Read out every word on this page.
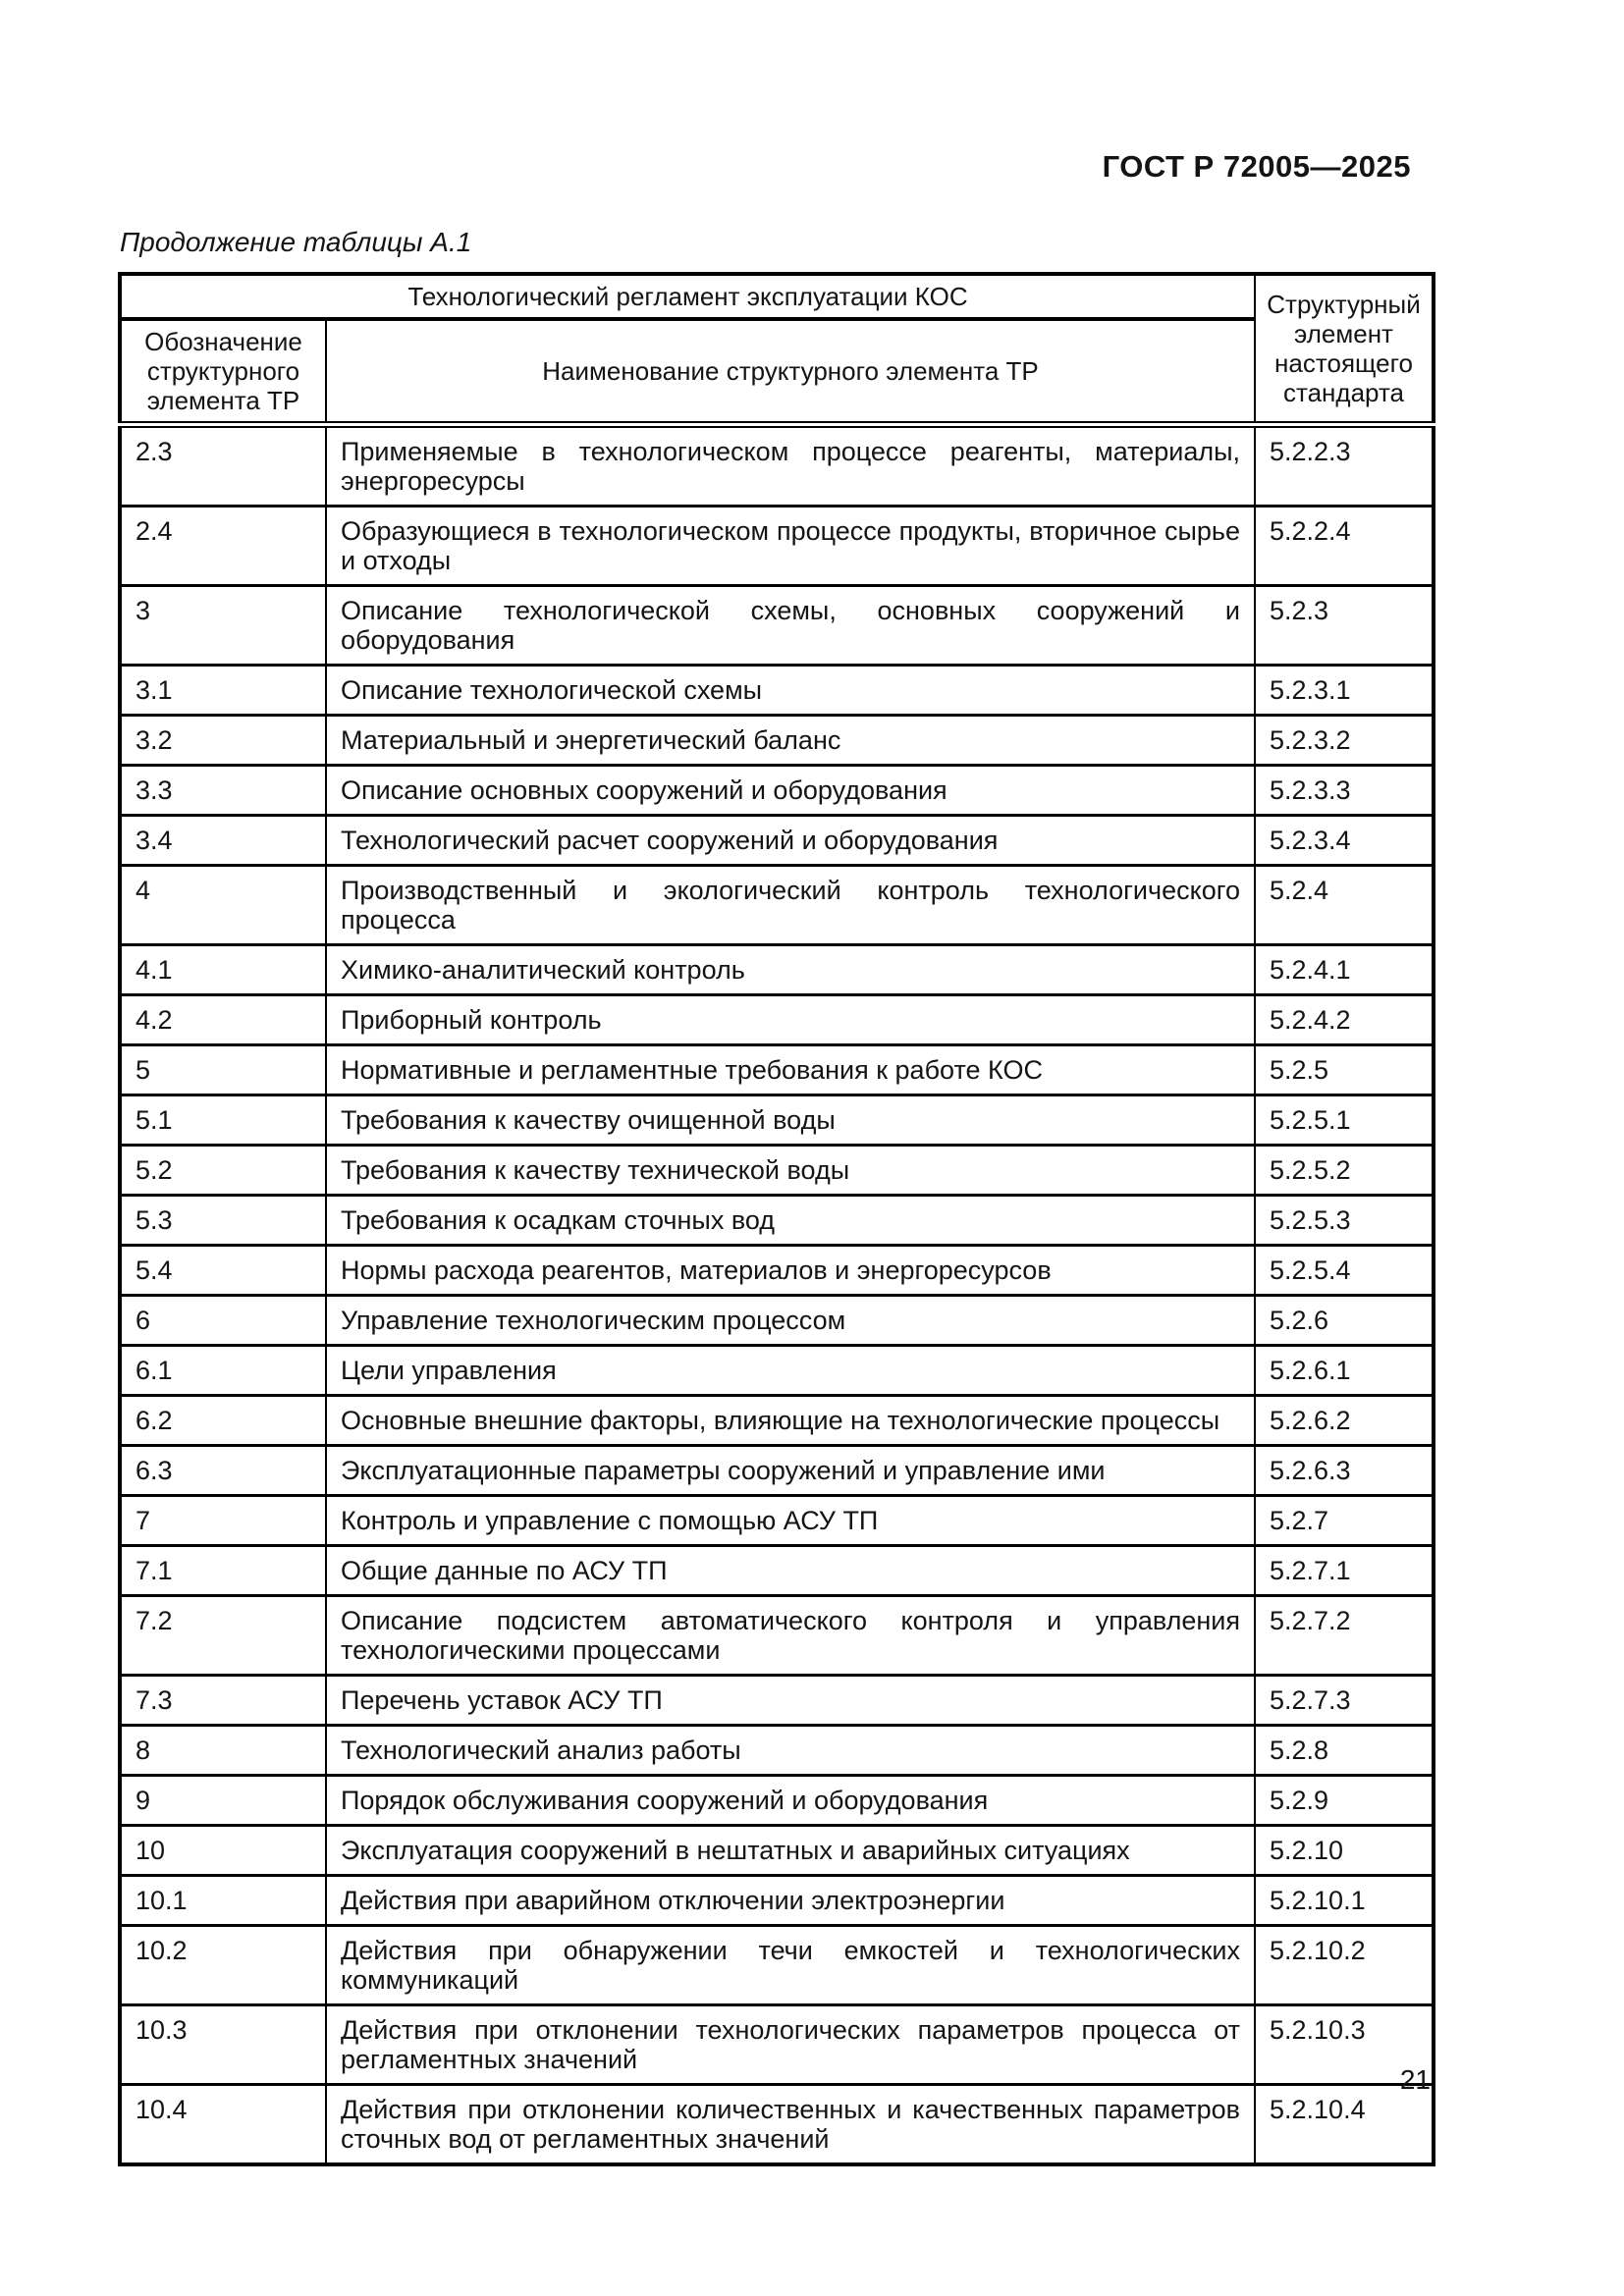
ГОСТ Р 72005—2025
Продолжение таблицы А.1
Технологический регламент эксплуатации КОС		Структурный элемент настоящего стандарта
Обозначение структурного элемента ТР	Наименование структурного элемента ТР	
2.3	Применяемые в технологическом процессе реагенты, материалы, энергоресурсы	5.2.2.3
2.4	Образующиеся в технологическом процессе продукты, вторичное сырье и отходы	5.2.2.4
3	Описание технологической схемы, основных сооружений и оборудования	5.2.3
3.1	Описание технологической схемы	5.2.3.1
3.2	Материальный и энергетический баланс	5.2.3.2
3.3	Описание основных сооружений и оборудования	5.2.3.3
3.4	Технологический расчет сооружений и оборудования	5.2.3.4
4	Производственный и экологический контроль технологического процесса	5.2.4
4.1	Химико-аналитический контроль	5.2.4.1
4.2	Приборный контроль	5.2.4.2
5	Нормативные и регламентные требования к работе КОС	5.2.5
5.1	Требования к качеству очищенной воды	5.2.5.1
5.2	Требования к качеству технической воды	5.2.5.2
5.3	Требования к осадкам сточных вод	5.2.5.3
5.4	Нормы расхода реагентов, материалов и энергоресурсов	5.2.5.4
6	Управление технологическим процессом	5.2.6
6.1	Цели управления	5.2.6.1
6.2	Основные внешние факторы, влияющие на технологические процессы	5.2.6.2
6.3	Эксплуатационные параметры сооружений и управление ими	5.2.6.3
7	Контроль и управление с помощью АСУ ТП	5.2.7
7.1	Общие данные по АСУ ТП	5.2.7.1
7.2	Описание подсистем автоматического контроля и управления технологическими процессами	5.2.7.2
7.3	Перечень уставок АСУ ТП	5.2.7.3
8	Технологический анализ работы	5.2.8
9	Порядок обслуживания сооружений и оборудования	5.2.9
10	Эксплуатация сооружений в нештатных и аварийных ситуациях	5.2.10
10.1	Действия при аварийном отключении электроэнергии	5.2.10.1
10.2	Действия при обнаружении течи емкостей и технологических коммуникаций	5.2.10.2
10.3	Действия при отклонении технологических параметров процесса от регламентных значений	5.2.10.3
10.4	Действия при отклонении количественных и качественных параметров сточных вод от регламентных значений	5.2.10.4
21
